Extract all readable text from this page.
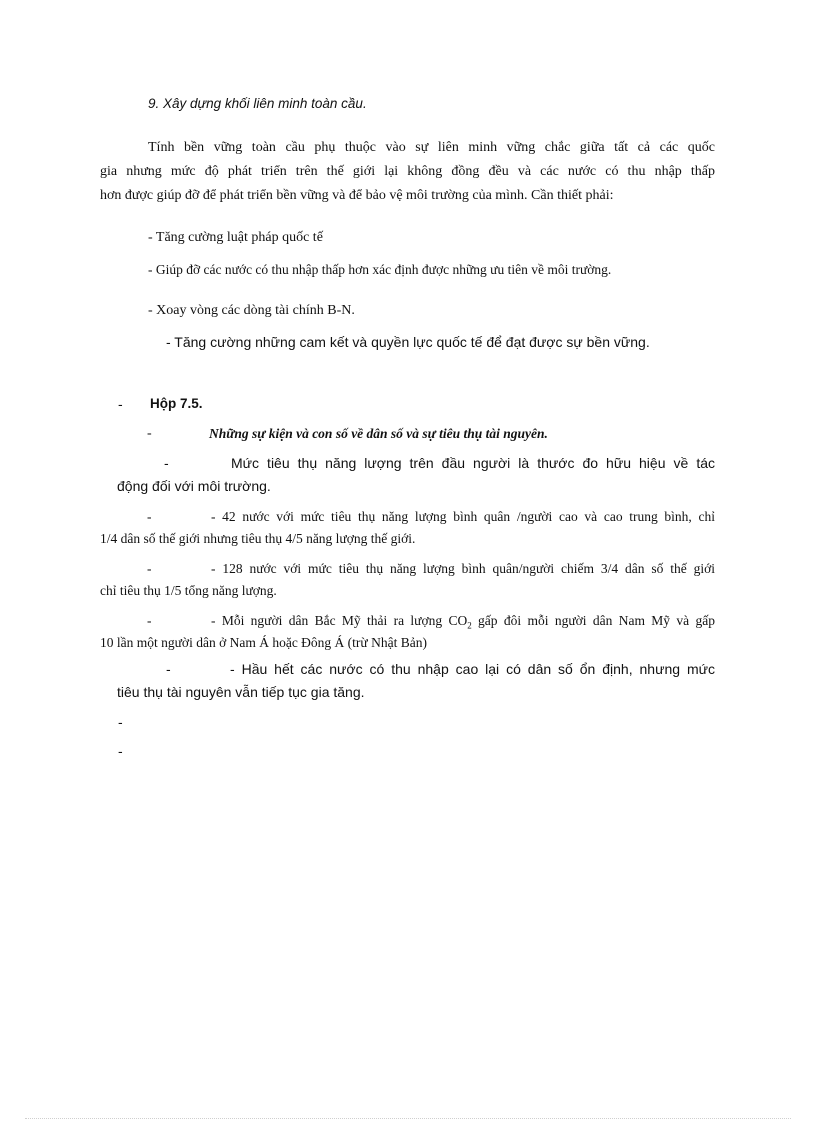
9. Xây dựng khối liên minh toàn cầu.
Tính bền vững toàn cầu phụ thuộc vào sự liên minh vững chắc giữa tất cả các quốc
gia nhưng mức độ phát triển trên thế giới lại không đồng đều và các nước có thu nhập thấp
hơn được giúp đỡ để phát triển bền vững và để bảo vệ môi trường của mình. Cần thiết phải:
- Tăng cường luật pháp quốc tế
- Giúp đỡ các nước có thu nhập thấp hơn xác định được những ưu tiên về môi trường.
- Xoay vòng các dòng tài chính B-N.
- Tăng cường những cam kết và quyền lực quốc tế để đạt được sự bền vững.
- Hộp 7.5.
-	Những sự kiện và con số về dân số và sự tiêu thụ tài nguyên.
-	Mức tiêu thụ năng lượng trên đầu người là thước đo hữu hiệu về tác
động đối với môi trường.
-	- 42 nước với mức tiêu thụ năng lượng bình quân /người cao và cao trung bình, chỉ
1/4 dân số thế giới nhưng tiêu thụ 4/5 năng lượng thế giới.
-	- 128 nước với mức tiêu thụ năng lượng bình quân/người chiếm 3/4 dân số thế giới
chỉ tiêu thụ 1/5 tổng năng lượng.
-	- Mỗi người dân Bắc Mỹ thải ra lượng $CO_2$ gấp đôi mỗi người dân Nam Mỹ và gấp
10 lần một người dân ở Nam Á hoặc Đông Á (trừ Nhật Bản)
-	- Hầu hết các nước có thu nhập cao lại có dân số ổn định, nhưng mức
tiêu thụ tài nguyên vẫn tiếp tục gia tăng.
-
-
